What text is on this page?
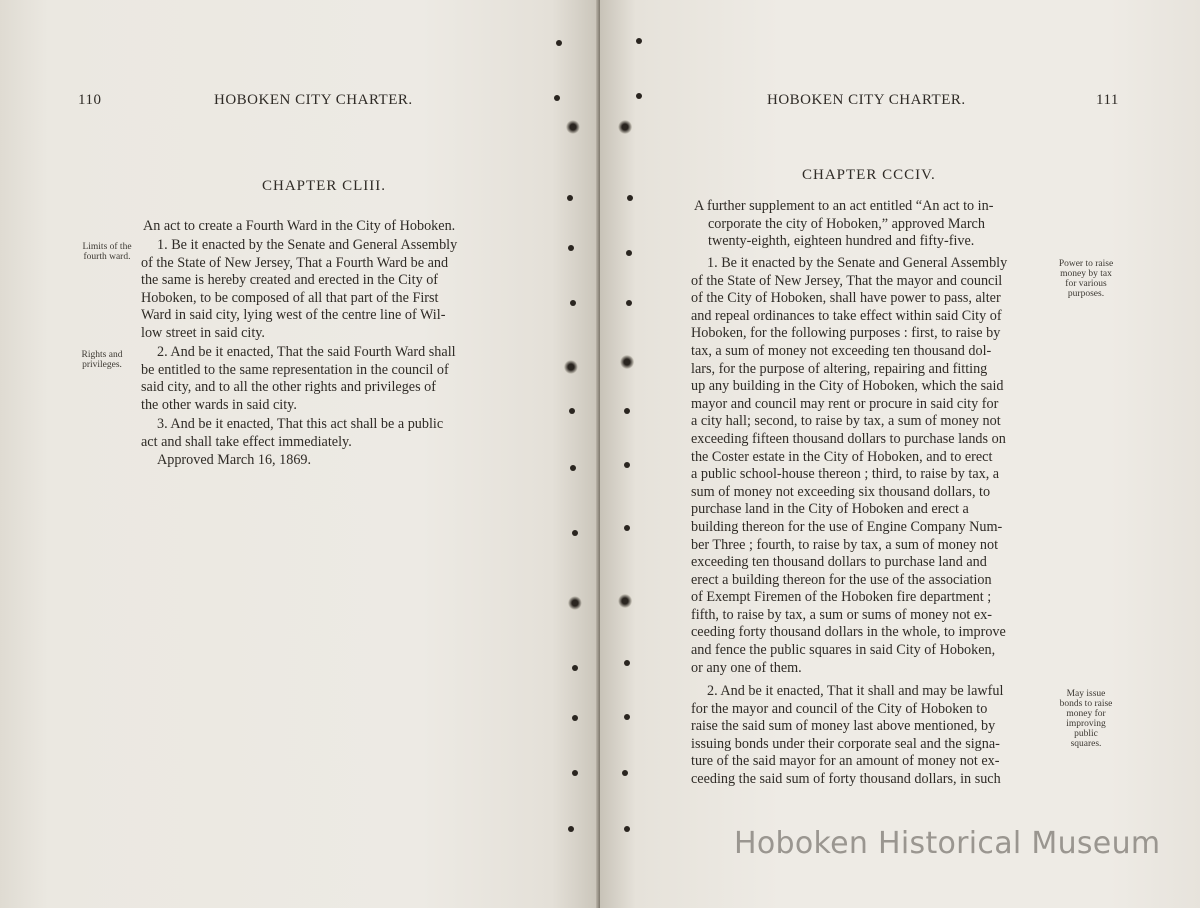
110	HOBOKEN CITY CHARTER.
CHAPTER CLIII.
An act to create a Fourth Ward in the City of Hoboken.
Limits of the fourth ward.
Rights and privileges.
1. Be it enacted by the Senate and General Assembly
of the State of New Jersey, That a Fourth Ward be and
the same is hereby created and erected in the City of
Hoboken, to be composed of all that part of the First
Ward in said city, lying west of the centre line of Wil-
low street in said city.
2. And be it enacted, That the said Fourth Ward shall
be entitled to the same representation in the council of
said city, and to all the other rights and privileges of
the other wards in said city.
3. And be it enacted, That this act shall be a public
act and shall take effect immediately.
Approved March 16, 1869.
HOBOKEN CITY CHARTER.	111
CHAPTER CCCIV.
A further supplement to an act entitled “An act to in-
corporate the city of Hoboken,” approved March
twenty-eighth, eighteen hundred and fifty-five.
Power to raise money by tax for various purposes.
May issue bonds to raise money for improving public squares.
1. Be it enacted by the Senate and General Assembly
of the State of New Jersey, That the mayor and council
of the City of Hoboken, shall have power to pass, alter
and repeal ordinances to take effect within said City of
Hoboken, for the following purposes : first, to raise by
tax, a sum of money not exceeding ten thousand dol-
lars, for the purpose of altering, repairing and fitting
up any building in the City of Hoboken, which the said
mayor and council may rent or procure in said city for
a city hall; second, to raise by tax, a sum of money not
exceeding fifteen thousand dollars to purchase lands on
the Coster estate in the City of Hoboken, and to erect
a public school-house thereon ; third, to raise by tax, a
sum of money not exceeding six thousand dollars, to
purchase land in the City of Hoboken and erect a
building thereon for the use of Engine Company Num-
ber Three ; fourth, to raise by tax, a sum of money not
exceeding ten thousand dollars to purchase land and
erect a building thereon for the use of the association
of Exempt Firemen of the Hoboken fire department ;
fifth, to raise by tax, a sum or sums of money not ex-
ceeding forty thousand dollars in the whole, to improve
and fence the public squares in said City of Hoboken,
or any one of them.
2. And be it enacted, That it shall and may be lawful
for the mayor and council of the City of Hoboken to
raise the said sum of money last above mentioned, by
issuing bonds under their corporate seal and the signa-
ture of the said mayor for an amount of money not ex-
ceeding the said sum of forty thousand dollars, in such
Hoboken Historical Museum
